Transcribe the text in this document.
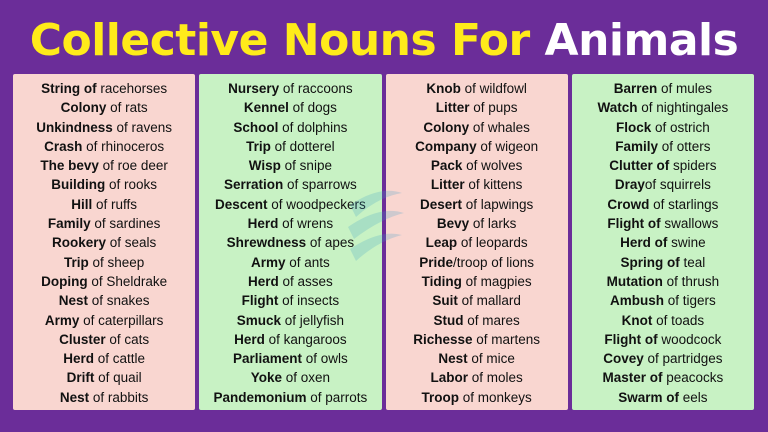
Collective Nouns For Animals
String of racehorses
Colony of rats
Unkindness of ravens
Crash of rhinoceros
The bevy of roe deer
Building of rooks
Hill of ruffs
Family of sardines
Rookery of seals
Trip of sheep
Doping of Sheldrake
Nest of snakes
Army of caterpillars
Cluster of cats
Herd of cattle
Drift of quail
Nest of rabbits
Nursery of raccoons
Kennel of dogs
School of dolphins
Trip of dotterel
Wisp of snipe
Serration of sparrows
Descent of woodpeckers
Herd of wrens
Shrewdness of apes
Army of ants
Herd of asses
Flight of insects
Smuck of jellyfish
Herd of kangaroos
Parliament of owls
Yoke of oxen
Pandemonium of parrots
Knob of wildfowl
Litter of pups
Colony of whales
Company of wigeon
Pack of wolves
Litter of kittens
Desert of lapwings
Bevy of larks
Leap of leopards
Pride/troop of lions
Tiding of magpies
Suit of mallard
Stud of mares
Richesse of martens
Nest of mice
Labor of moles
Troop of monkeys
Barren of mules
Watch of nightingales
Flock of ostrich
Family of otters
Clutter of spiders
Drayof squirrels
Crowd of starlings
Flight of swallows
Herd of swine
Spring of teal
Mutation of thrush
Ambush of tigers
Knot of toads
Flight of woodcock
Covey of partridges
Master of peacocks
Swarm of eels
